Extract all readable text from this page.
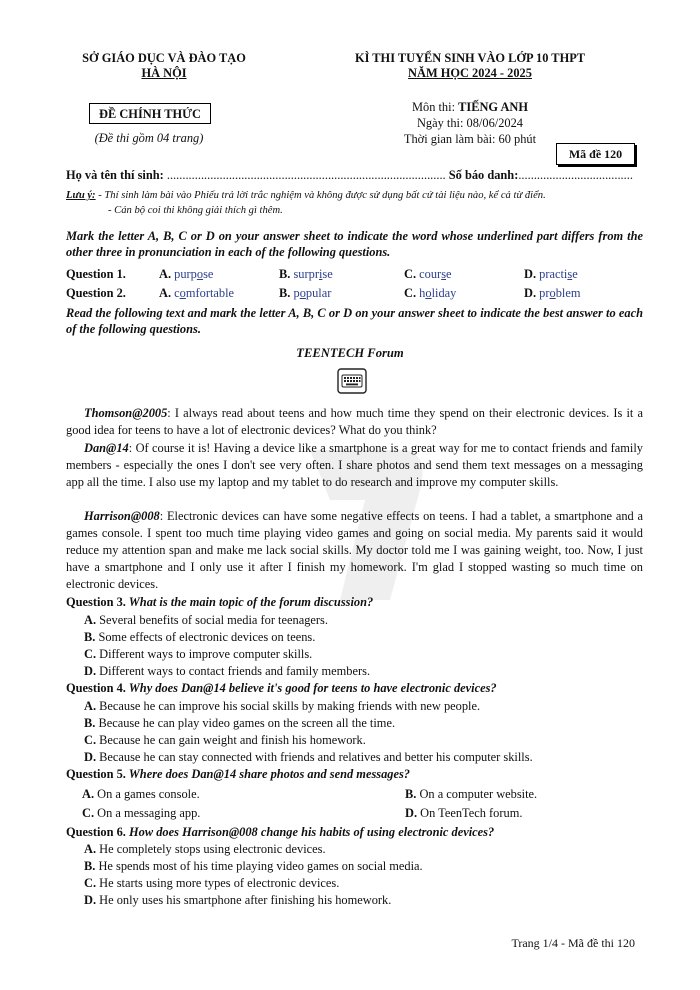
SỞ GIÁO DỤC VÀ ĐÀO TẠO
HÀ NỘI
KÌ THI TUYỂN SINH VÀO LỚP 10 THPT
NĂM HỌC 2024 - 2025
ĐỀ CHÍNH THỨC
(Đề thi gồm 04 trang)
Môn thi: TIẾNG ANH
Ngày thi: 08/06/2024
Thời gian làm bài: 60 phút
Mã đề 120
Họ và tên thí sinh: .......................................................................................... Số báo danh:.....................................
Lưu ý: - Thí sinh làm bài vào Phiếu trả lời trắc nghiệm và không được sử dụng bất cứ tài liệu nào, kể cả từ điển.
- Cán bộ coi thi không giải thích gì thêm.
Mark the letter A, B, C or D on your answer sheet to indicate the word whose underlined part differs from the other three in pronunciation in each of the following questions.
Question 1.	A. purpose	B. surprise	C. course	D. practise
Question 2.	A. comfortable	B. popular	C. holiday	D. problem
Read the following text and mark the letter A, B, C or D on your answer sheet to indicate the best answer to each of the following questions.
TEENTECH Forum
Thomson@2005: I always read about teens and how much time they spend on their electronic devices. Is it a good idea for teens to have a lot of electronic devices? What do you think?
Dan@14: Of course it is! Having a device like a smartphone is a great way for me to contact friends and family members - especially the ones I don't see very often. I share photos and send them text messages on a messaging app all the time. I also use my laptop and my tablet to do research and improve my computer skills.
Harrison@008: Electronic devices can have some negative effects on teens. I had a tablet, a smartphone and a games console. I spent too much time playing video games and going on social media. My parents said it would reduce my attention span and make me lack social skills. My doctor told me I was gaining weight, too. Now, I just have a smartphone and I only use it after I finish my homework. I'm glad I stopped wasting so much time on electronic devices.
Question 3. What is the main topic of the forum discussion?
A. Several benefits of social media for teenagers.
B. Some effects of electronic devices on teens.
C. Different ways to improve computer skills.
D. Different ways to contact friends and family members.
Question 4. Why does Dan@14 believe it's good for teens to have electronic devices?
A. Because he can improve his social skills by making friends with new people.
B. Because he can play video games on the screen all the time.
C. Because he can gain weight and finish his homework.
D. Because he can stay connected with friends and relatives and better his computer skills.
Question 5. Where does Dan@14 share photos and send messages?
A. On a games console.	B. On a computer website.
C. On a messaging app.	D. On TeenTech forum.
Question 6. How does Harrison@008 change his habits of using electronic devices?
A. He completely stops using electronic devices.
B. He spends most of his time playing video games on social media.
C. He starts using more types of electronic devices.
D. He only uses his smartphone after finishing his homework.
Trang 1/4 - Mã đề thi 120
